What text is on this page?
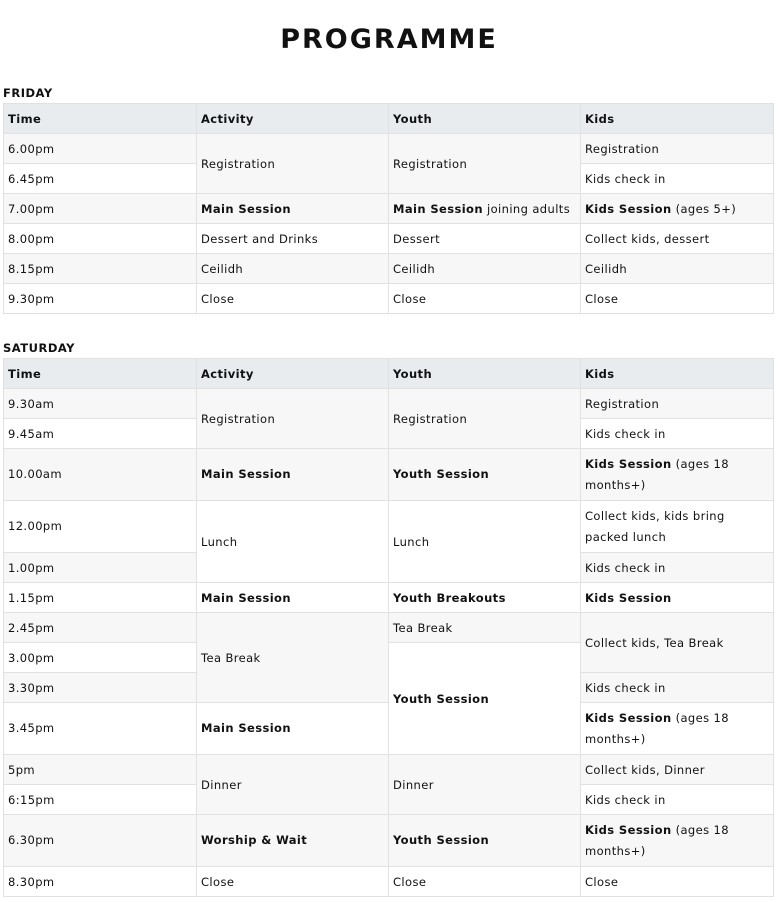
PROGRAMME
FRIDAY
Time	Activity	Youth	Kids
6.00pm	Registration	Registration	Registration
6.45pm			Kids check in
7.00pm	Main Session	Main Session joining adults	Kids Session (ages 5+)
8.00pm	Dessert and Drinks	Dessert	Collect kids, dessert
8.15pm	Ceilidh	Ceilidh	Ceilidh
9.30pm	Close	Close	Close
SATURDAY
Time	Activity	Youth	Kids
9.30am	Registration	Registration	Registration
9.45am			Kids check in
10.00am	Main Session	Youth Session	Kids Session (ages 18 months+)
12.00pm	Lunch	Lunch	Collect kids, kids bring packed lunch
1.00pm			Kids check in
1.15pm	Main Session	Youth Breakouts	Kids Session
2.45pm	Tea Break	Tea Break	Collect kids, Tea Break
3.00pm		Youth Session	
3.30pm			Kids check in
3.45pm	Main Session		Kids Session (ages 18 months+)
5pm	Dinner	Dinner	Collect kids, Dinner
6:15pm			Kids check in
6.30pm	Worship & Wait	Youth Session	Kids Session (ages 18 months+)
8.30pm	Close	Close	Close
